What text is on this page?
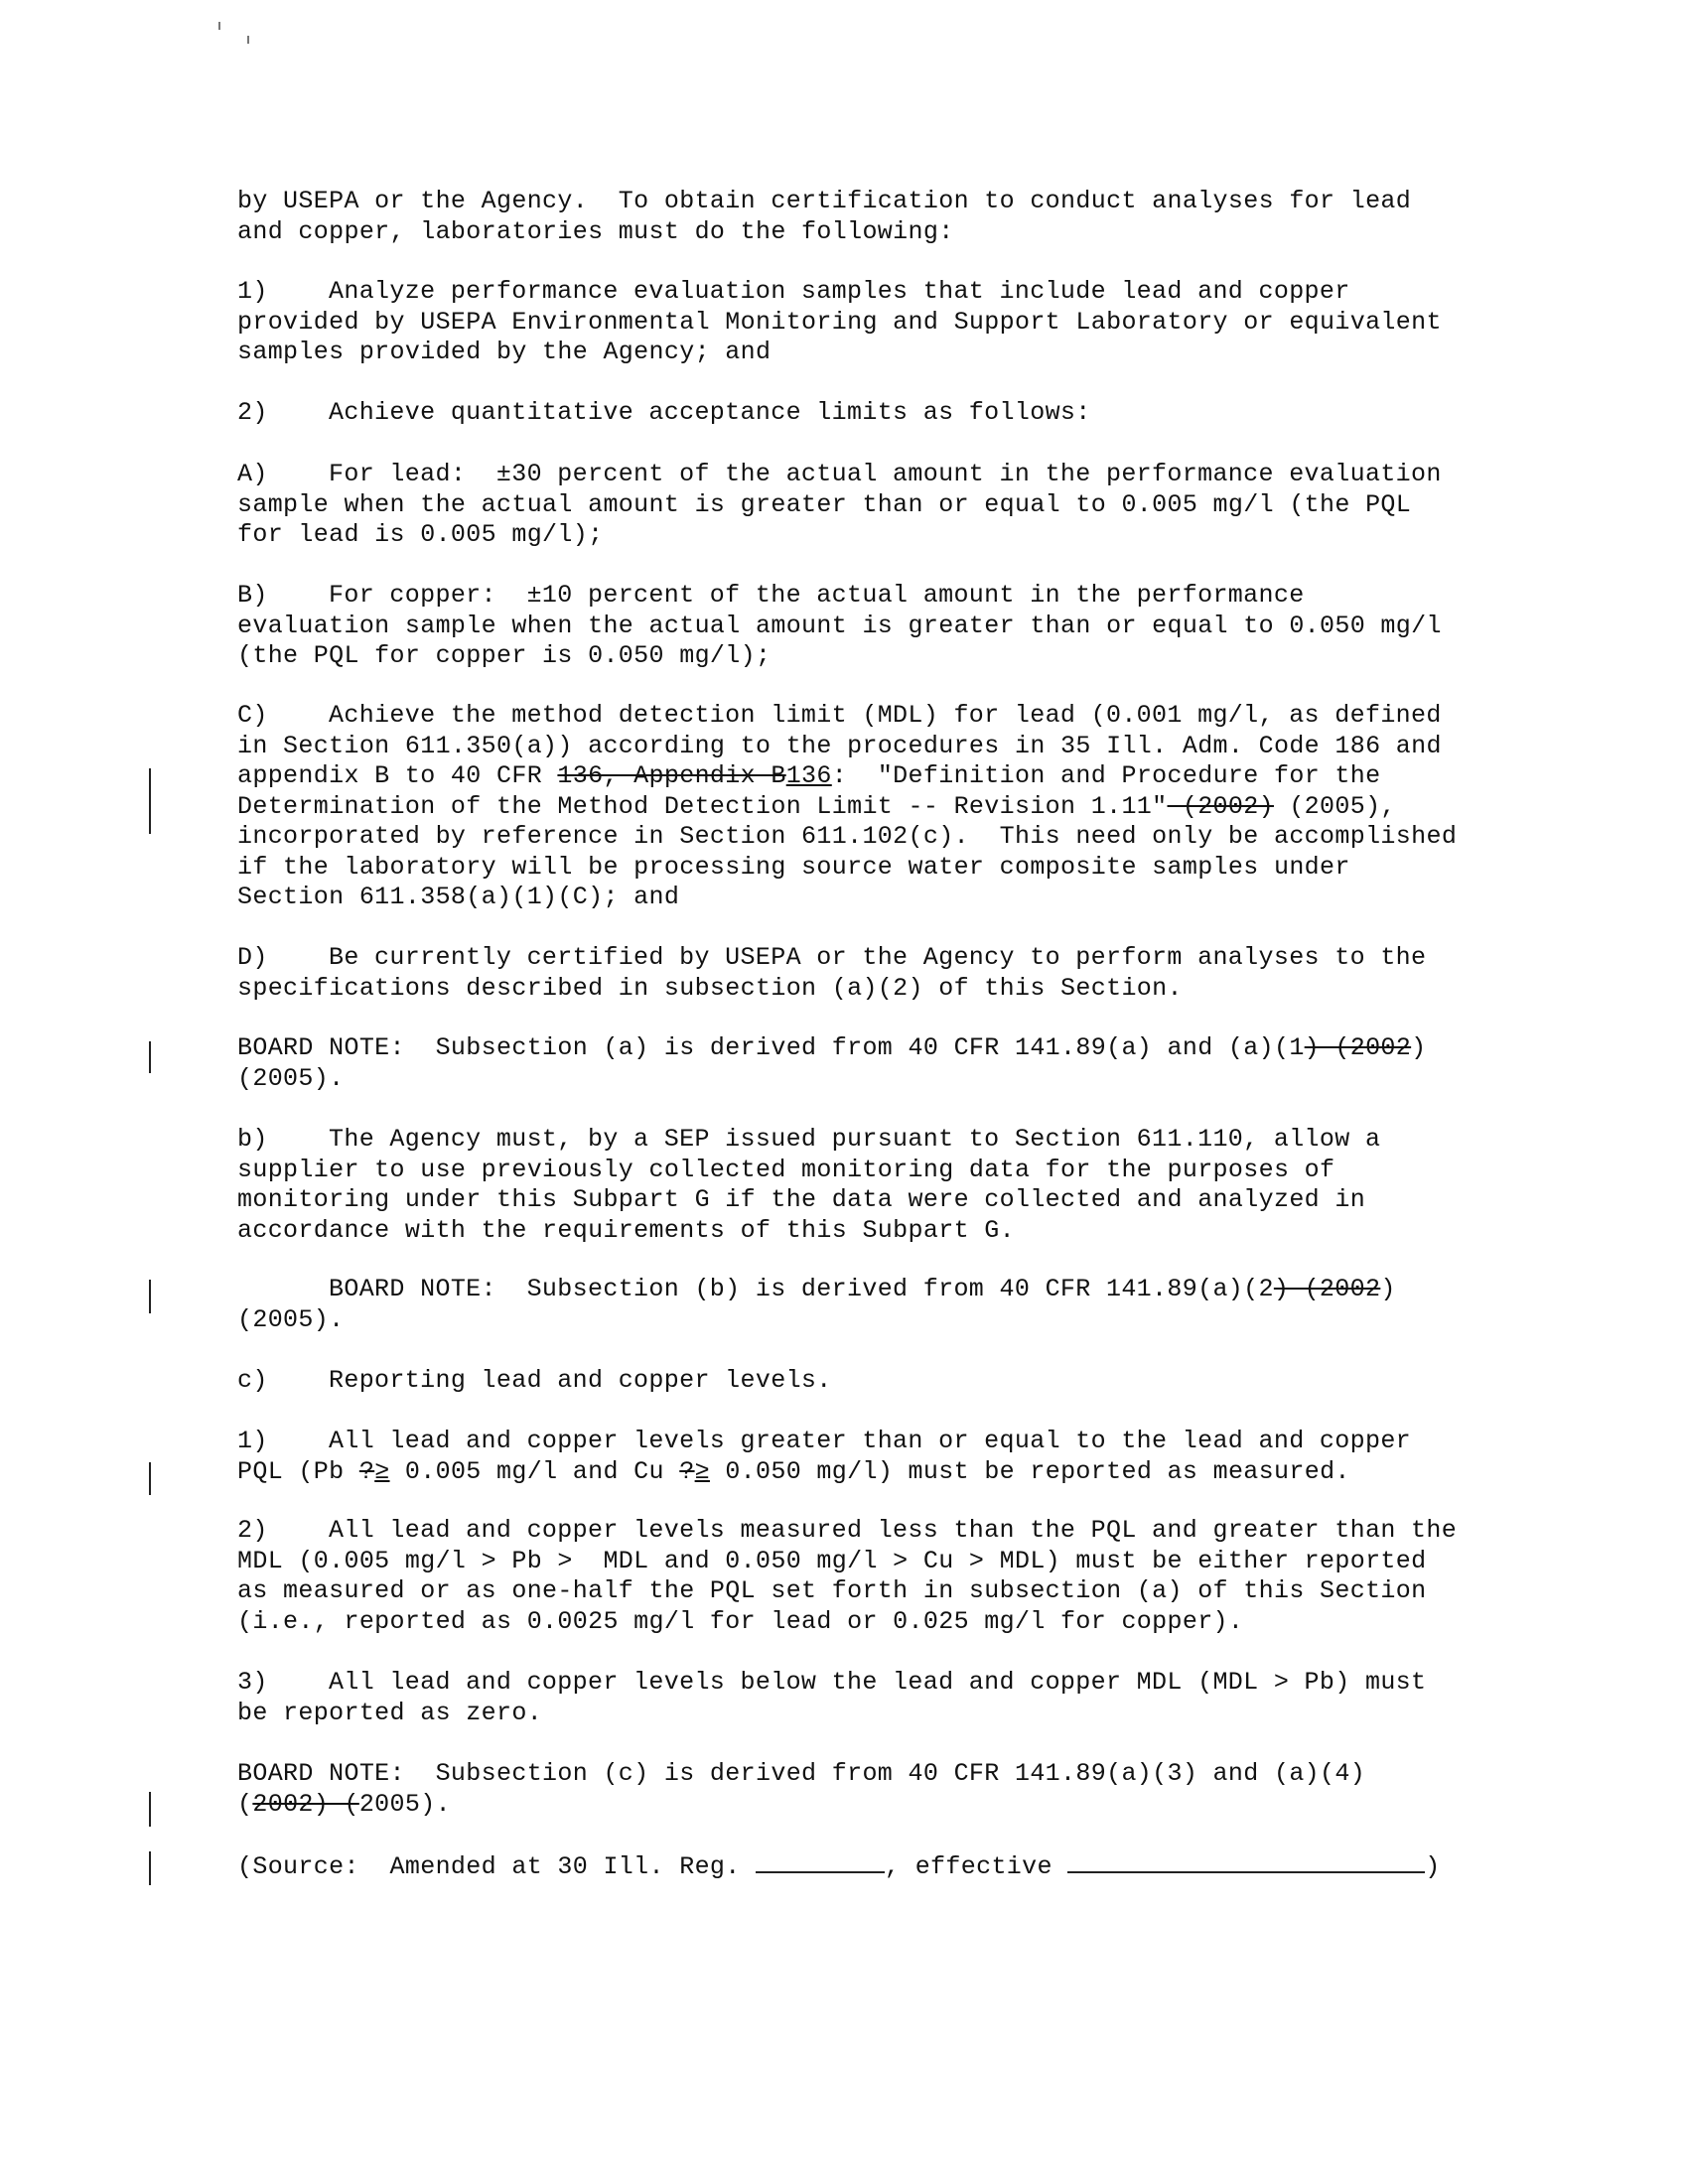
by USEPA or the Agency.  To obtain certification to conduct analyses for lead
and copper, laboratories must do the following:
1) Analyze performance evaluation samples that include lead and copper
provided by USEPA Environmental Monitoring and Support Laboratory or equivalent
samples provided by the Agency; and
2) Achieve quantitative acceptance limits as follows:
A) For lead:  ±30 percent of the actual amount in the performance evaluation
sample when the actual amount is greater than or equal to 0.005 mg/l (the PQL
for lead is 0.005 mg/l);
B) For copper:  ±10 percent of the actual amount in the performance
evaluation sample when the actual amount is greater than or equal to 0.050 mg/l
(the PQL for copper is 0.050 mg/l);
C) Achieve the method detection limit (MDL) for lead (0.001 mg/l, as defined
in Section 611.350(a)) according to the procedures in 35 Ill. Adm. Code 186 and
appendix B to 40 CFR 136, Appendix B136:  "Definition and Procedure for the
Determination of the Method Detection Limit -- Revision 1.11" (2002) (2005),
incorporated by reference in Section 611.102(c).  This need only be accomplished
if the laboratory will be processing source water composite samples under
Section 611.358(a)(1)(C); and
D) Be currently certified by USEPA or the Agency to perform analyses to the
specifications described in subsection (a)(2) of this Section.
BOARD NOTE:  Subsection (a) is derived from 40 CFR 141.89(a) and (a)(1) (2002)
(2005).
b) The Agency must, by a SEP issued pursuant to Section 611.110, allow a
supplier to use previously collected monitoring data for the purposes of
monitoring under this Subpart G if the data were collected and analyzed in
accordance with the requirements of this Subpart G.
BOARD NOTE:  Subsection (b) is derived from 40 CFR 141.89(a)(2) (2002)
(2005).
c) Reporting lead and copper levels.
1) All lead and copper levels greater than or equal to the lead and copper
PQL (Pb ?≥ 0.005 mg/l and Cu ?≥ 0.050 mg/l) must be reported as measured.
2) All lead and copper levels measured less than the PQL and greater than the
MDL (0.005 mg/l > Pb >  MDL and 0.050 mg/l > Cu > MDL) must be either reported
as measured or as one-half the PQL set forth in subsection (a) of this Section
(i.e., reported as 0.0025 mg/l for lead or 0.025 mg/l for copper).
3) All lead and copper levels below the lead and copper MDL (MDL > Pb) must
be reported as zero.
BOARD NOTE:  Subsection (c) is derived from 40 CFR 141.89(a)(3) and (a)(4)
(2002) (2005).
(Source:  Amended at 30 Ill. Reg.	, effective	)
